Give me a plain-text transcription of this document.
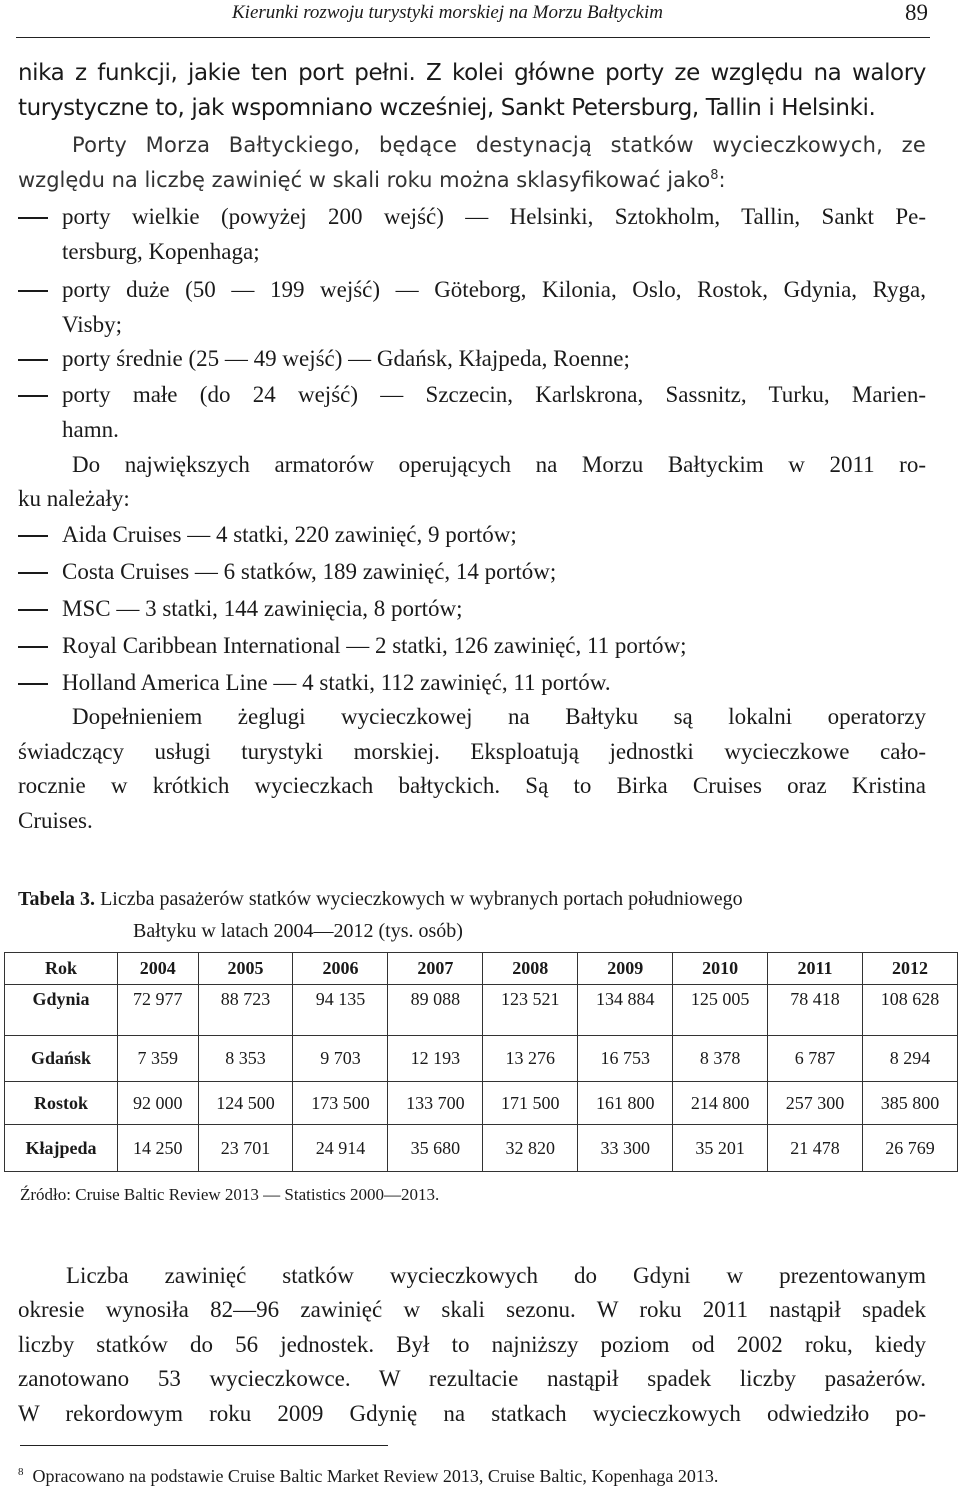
Kierunki rozwoju turystyki morskiej na Morzu Bałtyckim	89
nika z funkcji, jakie ten port pełni. Z kolei główne porty ze względu na walory
turystyczne to, jak wspomniano wcześniej, Sankt Petersburg, Tallin i Helsinki.
Porty Morza Bałtyckiego, będące destynacją statków wycieczkowych, ze
względu na liczbę zawinięć w skali roku można sklasyfikować jako$^8$:
porty wielkie (powyżej 200 wejść) — Helsinki, Sztokholm, Tallin, Sankt Pe-
tersburg, Kopenhaga;
porty duże (50 — 199 wejść) — Göteborg, Kilonia, Oslo, Rostok, Gdynia, Ryga,
Visby;
porty średnie (25 — 49 wejść) — Gdańsk, Kłajpeda, Roenne;
porty małe (do 24 wejść) — Szczecin, Karlskrona, Sassnitz, Turku, Marien-
hamn.
Do największych armatorów operujących na Morzu Bałtyckim w 2011 ro-
ku należały:
Aida Cruises — 4 statki, 220 zawinięć, 9 portów;
Costa Cruises — 6 statków, 189 zawinięć, 14 portów;
MSC — 3 statki, 144 zawinięcia, 8 portów;
Royal Caribbean International — 2 statki, 126 zawinięć, 11 portów;
Holland America Line — 4 statki, 112 zawinięć, 11 portów.
Dopełnieniem żeglugi wycieczkowej na Bałtyku są lokalni operatorzy
świadczący usługi turystyki morskiej. Eksploatują jednostki wycieczkowe cało-
rocznie w krótkich wycieczkach bałtyckich. Są to Birka Cruises oraz Kristina
Cruises.
Tabela 3. Liczba pasażerów statków wycieczkowych w wybranych portach południowego
Bałtyku w latach 2004—2012 (tys. osób)
Rok	2004	2005	2006	2007	2008	2009	2010	2011	2012
Gdynia	72 977	88 723	94 135	89 088	123 521	134 884	125 005	78 418	108 628
Gdańsk	7 359	8 353	9 703	12 193	13 276	16 753	8 378	6 787	8 294
Rostok	92 000	124 500	173 500	133 700	171 500	161 800	214 800	257 300	385 800
Kłajpeda	14 250	23 701	24 914	35 680	32 820	33 300	35 201	21 478	26 769
Źródło: Cruise Baltic Review 2013 — Statistics 2000—2013.
Liczba zawinięć statków wycieczkowych do Gdyni w prezentowanym
okresie wynosiła 82—96 zawinięć w skali sezonu. W roku 2011 nastąpił spadek
liczby statków do 56 jednostek. Był to najniższy poziom od 2002 roku, kiedy
zanotowano 53 wycieczkowce. W rezultacie nastąpił spadek liczby pasażerów.
W rekordowym roku 2009 Gdynię na statkach wycieczkowych odwiedziło po-
$^8$ Opracowano na podstawie Cruise Baltic Market Review 2013, Cruise Baltic, Kopenhaga 2013.
